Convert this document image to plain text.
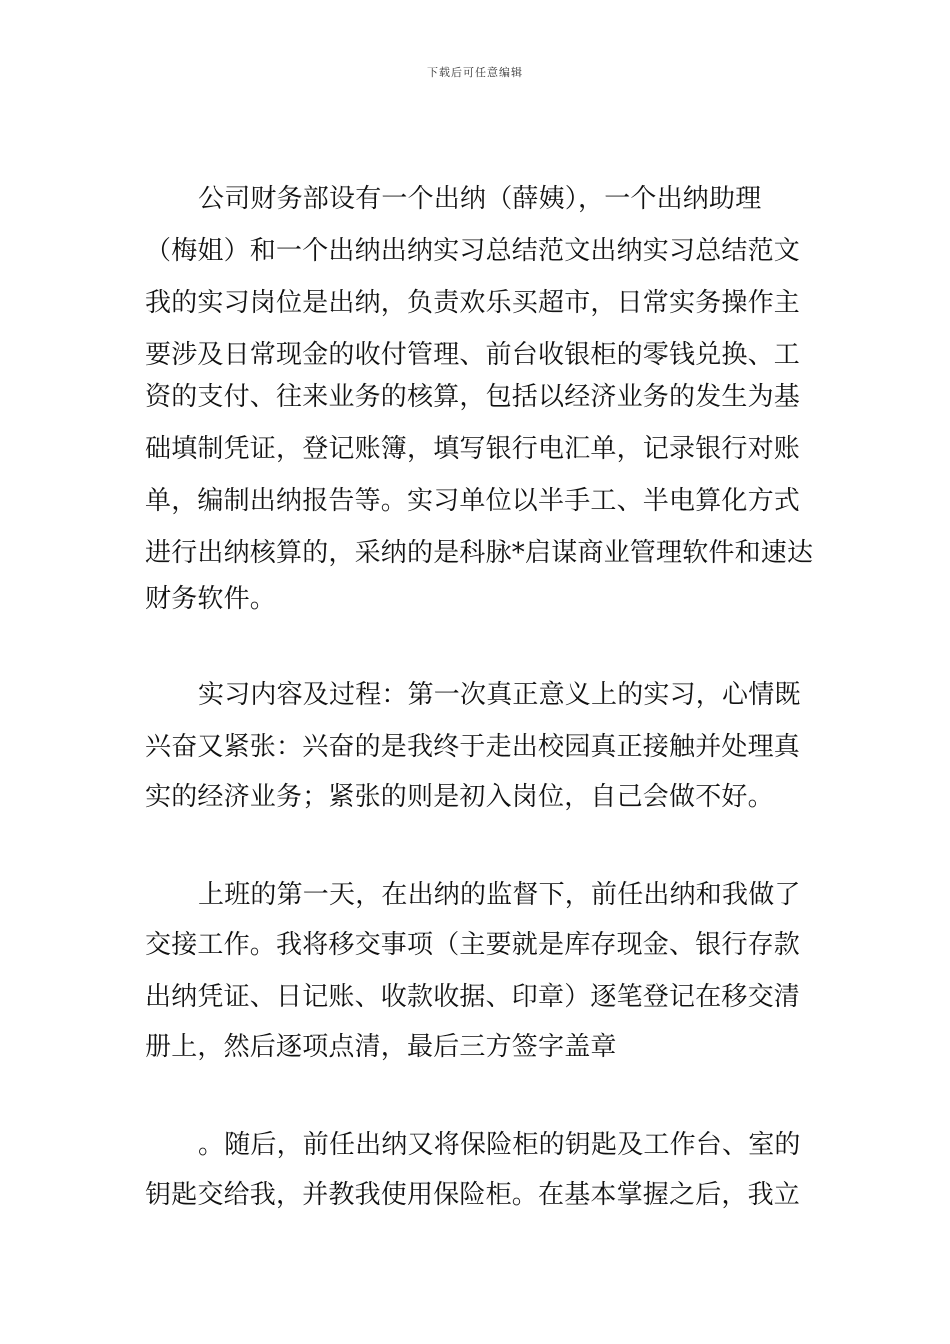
下载后可任意编辑
公司财务部设有一个出纳（薛姨），一个出纳助理
（梅姐）和一个出纳出纳实习总结范文出纳实习总结范文
我的实习岗位是出纳，负责欢乐买超市，日常实务操作主
要涉及日常现金的收付管理、前台收银柜的零钱兑换、工
资的支付、往来业务的核算，包括以经济业务的发生为基
础填制凭证，登记账簿，填写银行电汇单，记录银行对账
单，编制出纳报告等。实习单位以半手工、半电算化方式
进行出纳核算的，采纳的是科脉*启谋商业管理软件和速达
财务软件。
实习内容及过程：第一次真正意义上的实习，心情既
兴奋又紧张：兴奋的是我终于走出校园真正接触并处理真
实的经济业务；紧张的则是初入岗位，自己会做不好。
上班的第一天，在出纳的监督下，前任出纳和我做了
交接工作。我将移交事项（主要就是库存现金、银行存款
出纳凭证、日记账、收款收据、印章）逐笔登记在移交清
册上，然后逐项点清，最后三方签字盖章
。随后，前任出纳又将保险柜的钥匙及工作台、室的
钥匙交给我，并教我使用保险柜。在基本掌握之后，我立
